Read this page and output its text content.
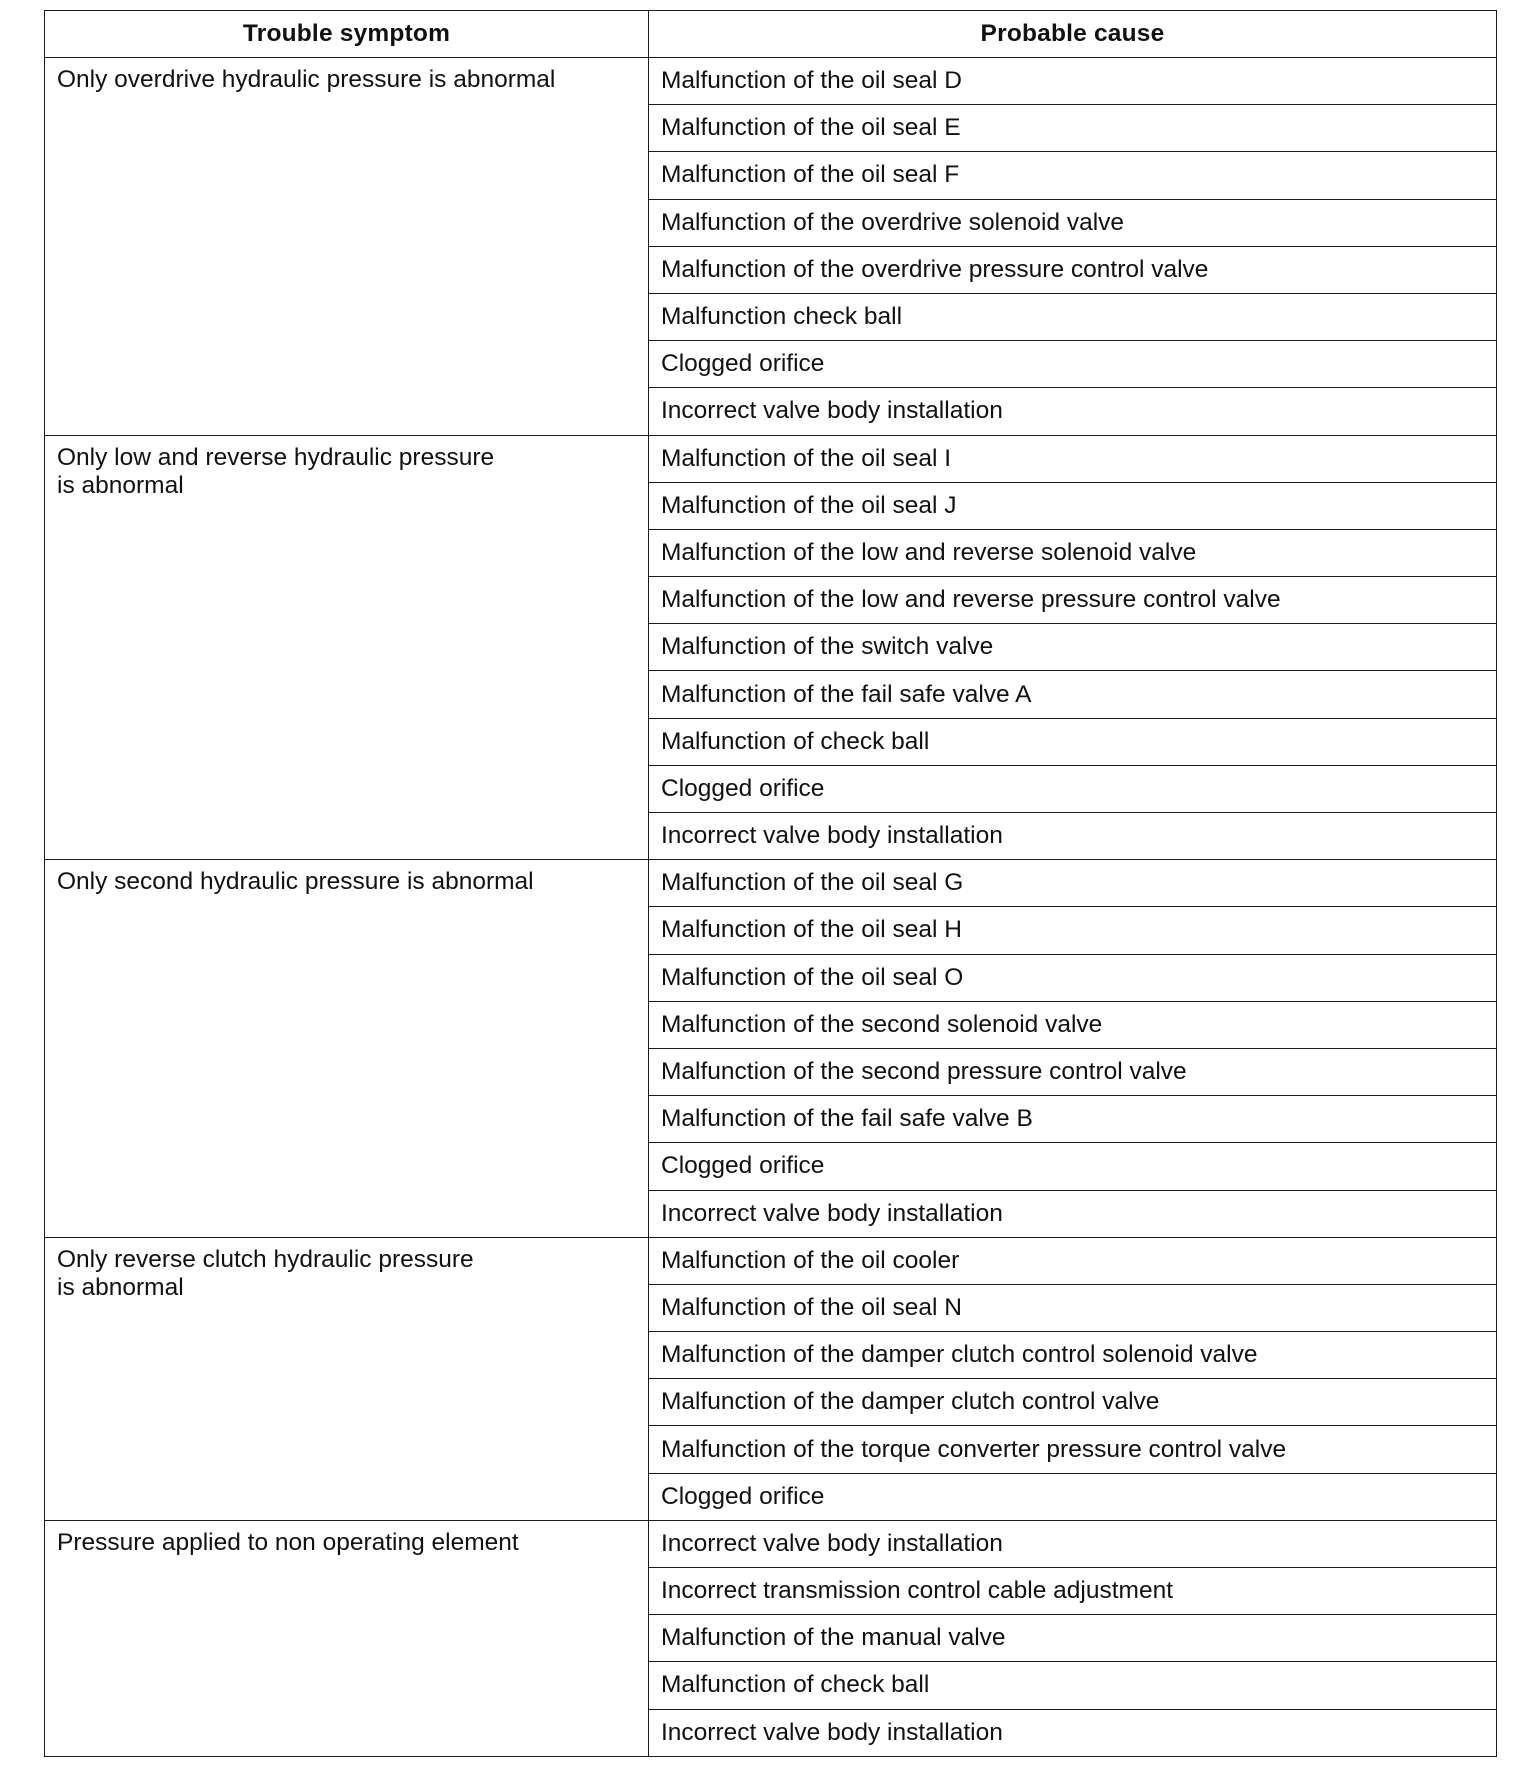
Trouble symptom	Probable cause

Only overdrive hydraulic pressure is abnormal	Malfunction of the oil seal D
	Malfunction of the oil seal E
	Malfunction of the oil seal F
	Malfunction of the overdrive solenoid valve
	Malfunction of the overdrive pressure control valve
	Malfunction check ball
	Clogged orifice
	Incorrect valve body installation

Only low and reverse hydraulic pressure
is abnormal	Malfunction of the oil seal I
	Malfunction of the oil seal J
	Malfunction of the low and reverse solenoid valve
	Malfunction of the low and reverse pressure control valve
	Malfunction of the switch valve
	Malfunction of the fail safe valve A
	Malfunction of check ball
	Clogged orifice
	Incorrect valve body installation

Only second hydraulic pressure is abnormal	Malfunction of the oil seal G
	Malfunction of the oil seal H
	Malfunction of the oil seal O
	Malfunction of the second solenoid valve
	Malfunction of the second pressure control valve
	Malfunction of the fail safe valve B
	Clogged orifice
	Incorrect valve body installation

Only reverse clutch hydraulic pressure
is abnormal	Malfunction of the oil cooler
	Malfunction of the oil seal N
	Malfunction of the damper clutch control solenoid valve
	Malfunction of the damper clutch control valve
	Malfunction of the torque converter pressure control valve
	Clogged orifice

Pressure applied to non operating element	Incorrect valve body installation
	Incorrect transmission control cable adjustment
	Malfunction of the manual valve
	Malfunction of check ball
	Incorrect valve body installation
